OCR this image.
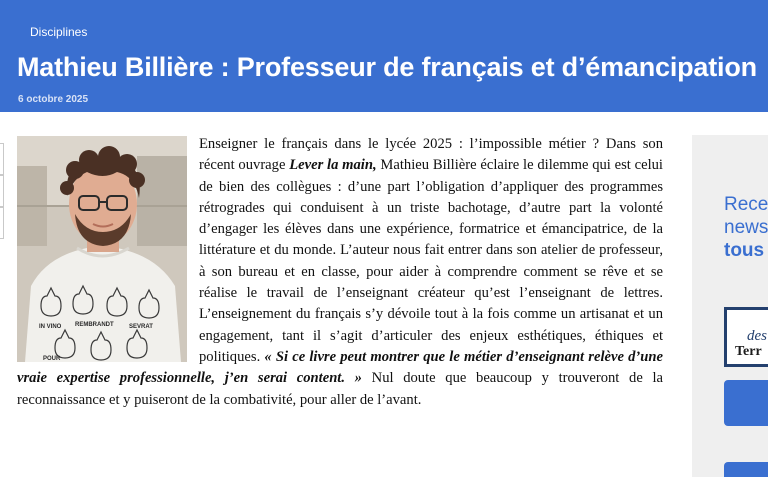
Disciplines
Mathieu Billière : Professeur de français et d’émancipation
6 octobre 2025

Enseigner le français dans le lycée 2025 : l’impossible métier ? Dans son récent ouvrage Lever la main, Mathieu Billière éclaire le dilemme qui est celui de bien des collègues : d’une part l’obligation d’appliquer des programmes rétrogrades qui conduisent à un triste bachotage, d’autre part la volonté d’engager les élèves dans une expérience, formatrice et émancipatrice, de la littérature et du monde. L’auteur nous fait entrer dans son atelier de professeur, à son bureau et en classe, pour aider à comprendre comment se rêve et se réalise le travail de l’enseignant créateur qu’est l’enseignant de lettres. L’enseignement du français s’y dévoile tout à la fois comme un artisanat et un engagement, tant il s’agit d’articuler des enjeux esthétiques, éthiques et politiques. « Si ce livre peut montrer que le métier d’enseignant relève d’une vraie expertise professionnelle, j’en serai content. » Nul doute que beaucoup y trouveront de la reconnaissance et y puiseront de la combativité, pour aller de l’avant.

IN VINO REMBRANDT	SEVRAT
POUR
Rece
news
tous
des
Terr
